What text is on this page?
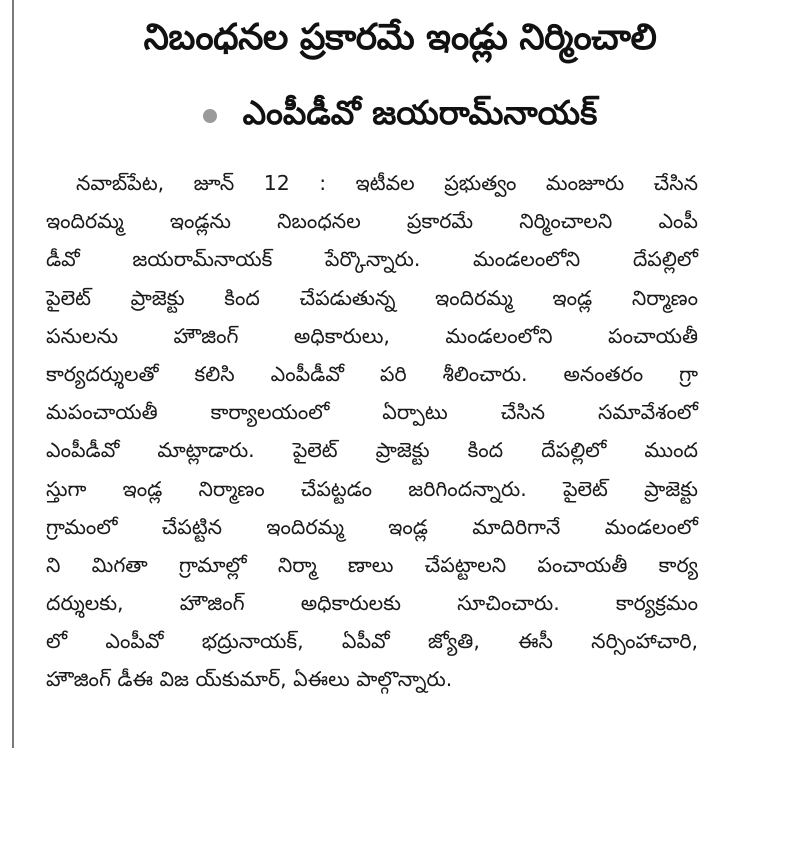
నిబంధనల ప్రకారమే ఇండ్లు నిర్మించాలి
ఎంపీడీవో జయరామ్‌నాయక్
నవాబ్‌పేట, జూన్ 12 : ఇటీవల ప్రభుత్వం మంజూరు చేసిన
ఇందిరమ్మ ఇండ్లను నిబంధనల ప్రకారమే నిర్మించాలని ఎంపీ
డీవో జయరామ్‌నాయక్ పేర్కొన్నారు. మండలంలోని దేపల్లిలో
పైలెట్ ప్రాజెక్టు కింద చేపడుతున్న ఇందిరమ్మ ఇండ్ల నిర్మాణం
పనులను హౌజింగ్ అధికారులు, మండలంలోని పంచాయతీ
కార్యదర్శులతో కలిసి ఎంపీడీవో పరి శీలించారు. అనంతరం గ్రా
మపంచాయతీ కార్యాలయంలో ఏర్పాటు చేసిన సమావేశంలో
ఎంపీడీవో మాట్లాడారు. పైలెట్ ప్రాజెక్టు కింద దేపల్లిలో ముంద
స్తుగా ఇండ్ల నిర్మాణం చేపట్టడం జరిగిందన్నారు. పైలెట్ ప్రాజెక్టు
గ్రామంలో చేపట్టిన ఇందిరమ్మ ఇండ్ల మాదిరిగానే మండలంలో
ని మిగతా గ్రామాల్లో నిర్మా ణాలు చేపట్టాలని పంచాయతీ కార్య
దర్శులకు, హౌజింగ్ అధికారులకు సూచించారు. కార్యక్రమం
లో ఎంపీవో భద్రునాయక్, ఏపీవో జ్యోతి, ఈసీ నర్సింహాచారి,
హౌజింగ్ డీఈ విజ య్‌కుమార్, ఏఈలు పాల్గొన్నారు.
